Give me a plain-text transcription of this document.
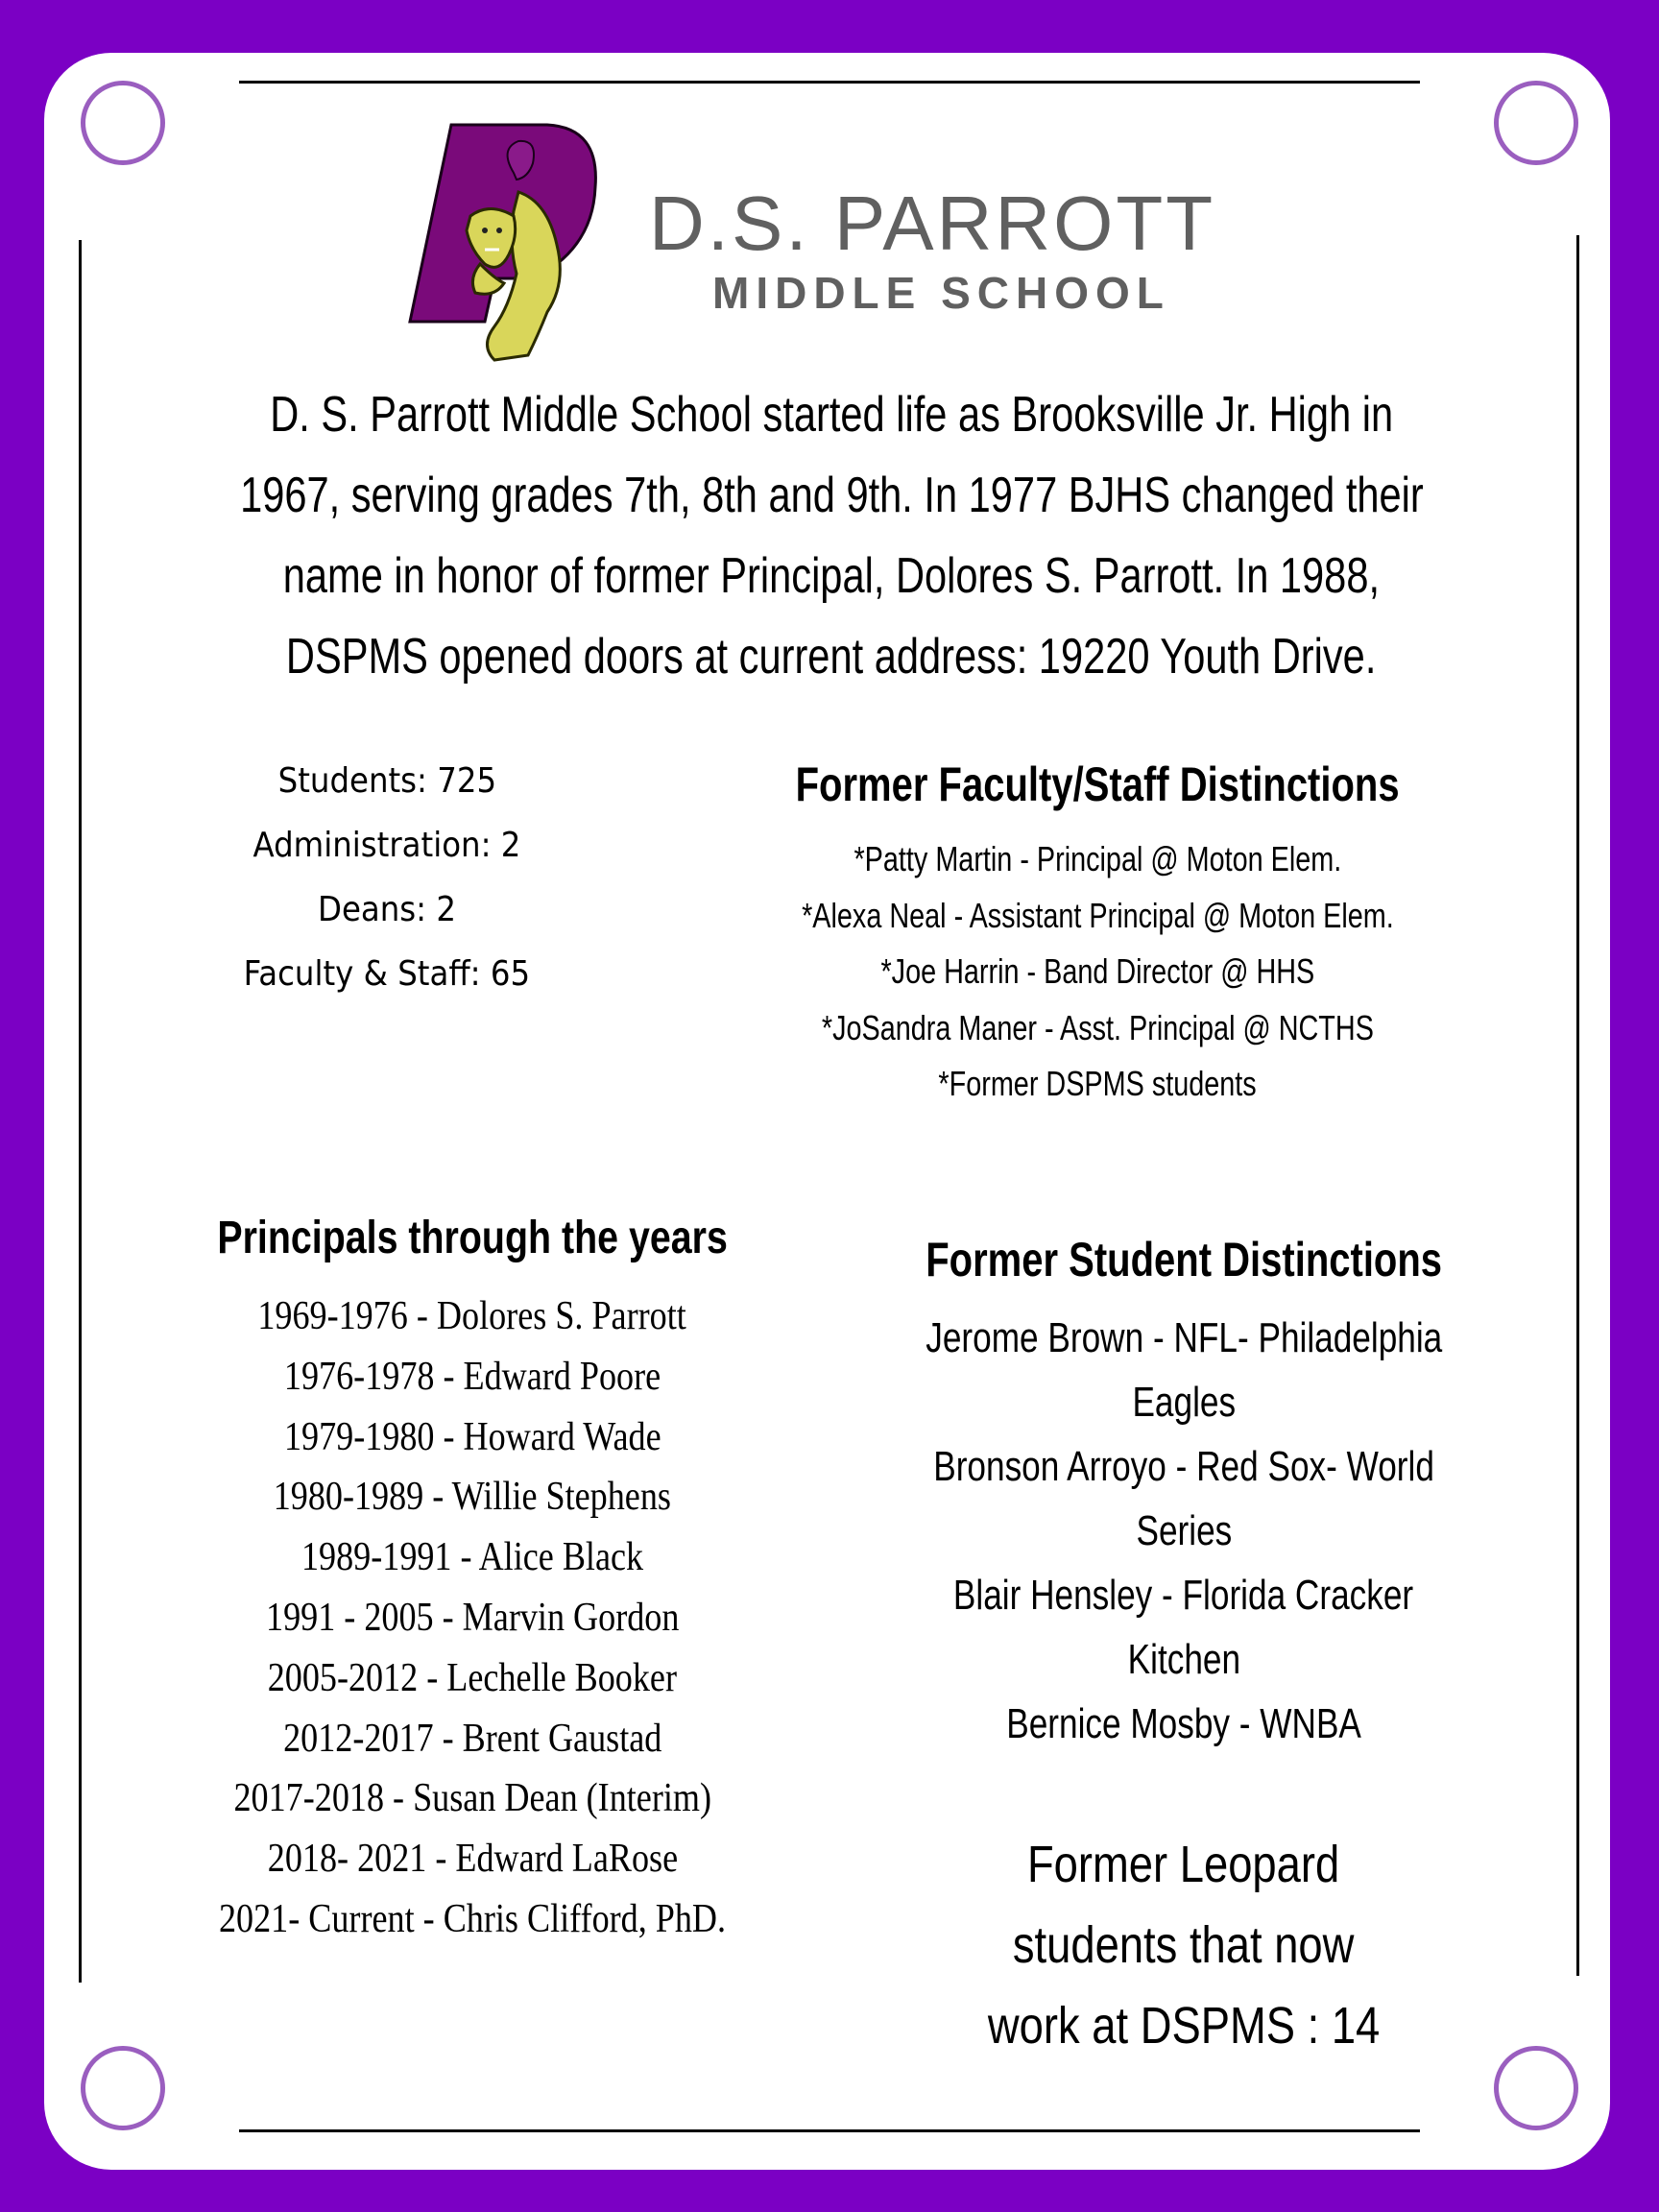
D.S. PARROTT
MIDDLE SCHOOL
D. S. Parrott Middle School started life as Brooksville Jr. High in
1967, serving grades 7th, 8th and 9th. In 1977 BJHS changed their
name in honor of former Principal, Dolores S. Parrott. In 1988,
DSPMS opened doors at current address: 19220 Youth Drive.
Students: 725
Administration: 2
Deans: 2
Faculty & Staff: 65
Former Faculty/Staff Distinctions
*Patty Martin - Principal @ Moton Elem.
*Alexa Neal - Assistant Principal @ Moton Elem.
*Joe Harrin - Band Director @ HHS
*JoSandra Maner - Asst. Principal @ NCTHS
*Former DSPMS students
Principals through the years
1969-1976 - Dolores S. Parrott
1976-1978 - Edward Poore
1979-1980 - Howard Wade
1980-1989 - Willie Stephens
1989-1991 - Alice Black
1991 - 2005 - Marvin Gordon
2005-2012 - Lechelle Booker
2012-2017 - Brent Gaustad
2017-2018 - Susan Dean (Interim)
2018- 2021 - Edward LaRose
2021- Current - Chris Clifford, PhD.
Former Student Distinctions
Jerome Brown - NFL- Philadelphia
Eagles
Bronson Arroyo - Red Sox- World
Series
Blair Hensley - Florida Cracker
Kitchen
Bernice Mosby - WNBA
Former Leopard
students that now
work at DSPMS : 14
